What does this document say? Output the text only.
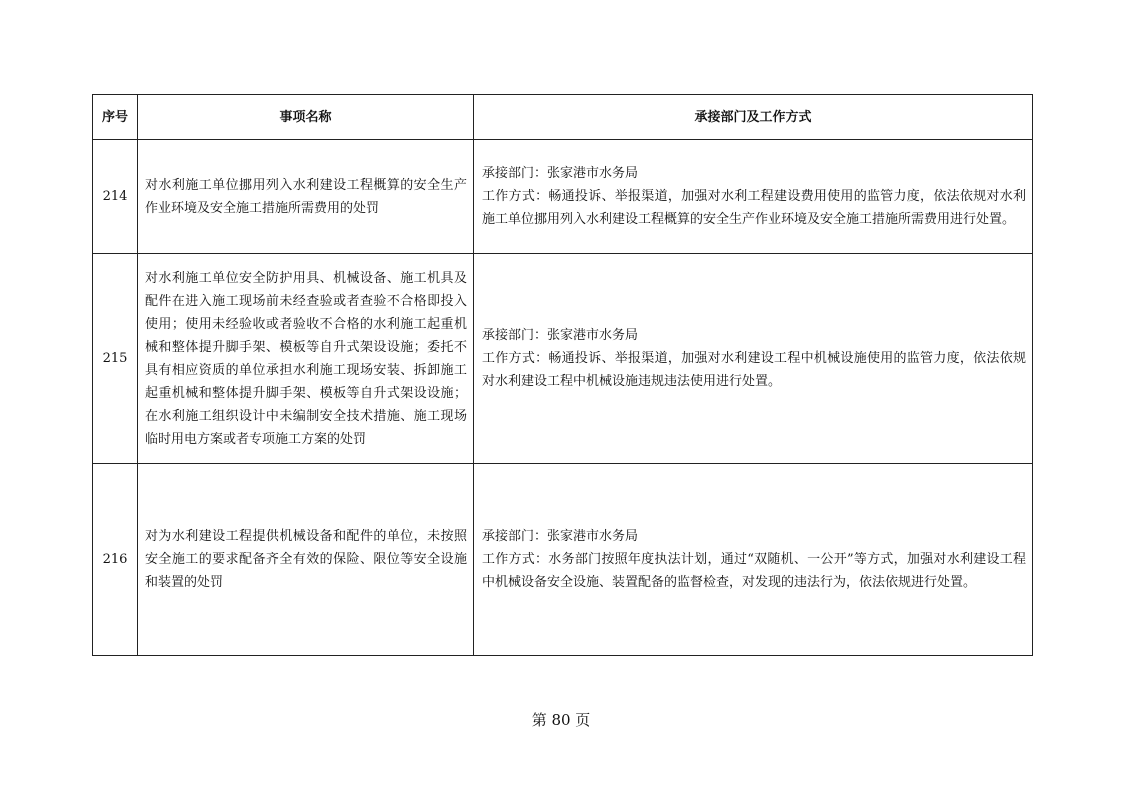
序号	事项名称	承接部门及工作方式
214	对水利施工单位挪用列入水利建设工程概算的安全生产作业环境及安全施工措施所需费用的处罚	承接部门：张家港市水务局
工作方式：畅通投诉、举报渠道，加强对水利工程建设费用使用的监管力度，依法依规对水利施工单位挪用列入水利建设工程概算的安全生产作业环境及安全施工措施所需费用进行处置。

215	对水利施工单位安全防护用具、机械设备、施工机具及配件在进入施工现场前未经查验或者查验不合格即投入使用；使用未经验收或者验收不合格的水利施工起重机械和整体提升脚手架、模板等自升式架设设施；委托不具有相应资质的单位承担水利施工现场安装、拆卸施工起重机械和整体提升脚手架、模板等自升式架设设施；在水利施工组织设计中未编制安全技术措施、施工现场临时用电方案或者专项施工方案的处罚	承接部门：张家港市水务局
工作方式：畅通投诉、举报渠道，加强对水利建设工程中机械设施使用的监管力度，依法依规对水利建设工程中机械设施违规违法使用进行处置。

216	对为水利建设工程提供机械设备和配件的单位，未按照安全施工的要求配备齐全有效的保险、限位等安全设施和装置的处罚	承接部门：张家港市水务局
工作方式：水务部门按照年度执法计划，通过“双随机、一公开”等方式，加强对水利建设工程中机械设备安全设施、装置配备的监督检查，对发现的违法行为，依法依规进行处置。
第 80 页
